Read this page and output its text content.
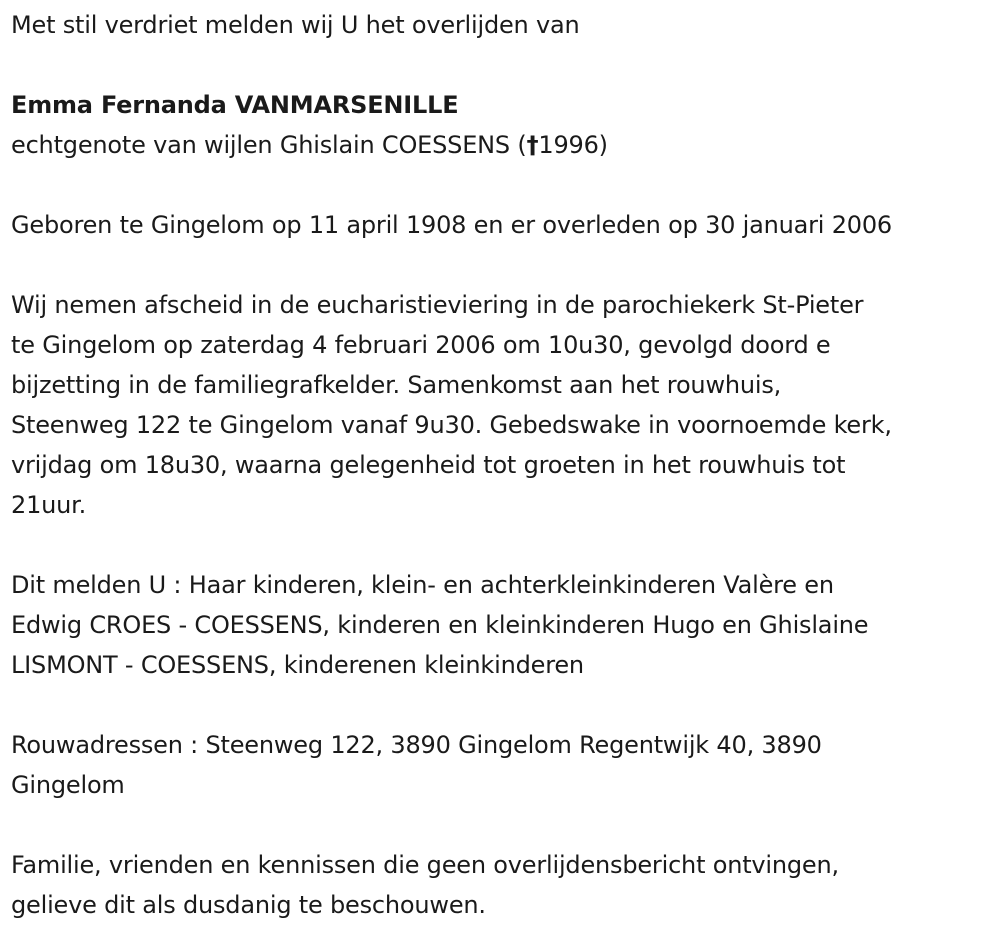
Met stil verdriet melden wij U het overlijden van

Emma Fernanda VANMARSENILLE
echtgenote van wijlen Ghislain COESSENS (†1996)

Geboren te Gingelom op 11 april 1908 en er overleden op 30 januari 2006

Wij nemen afscheid in de eucharistieviering in de parochiekerk St-Pieter
te Gingelom op zaterdag 4 februari 2006 om 10u30, gevolgd doord e
bijzetting in de familiegrafkelder. Samenkomst aan het rouwhuis,
Steenweg 122 te Gingelom vanaf 9u30. Gebedswake in voornoemde kerk,
vrijdag om 18u30, waarna gelegenheid tot groeten in het rouwhuis tot
21uur.

Dit melden U : Haar kinderen, klein- en achterkleinkinderen Valère en
Edwig CROES - COESSENS, kinderen en kleinkinderen Hugo en Ghislaine
LISMONT - COESSENS, kinderenen kleinkinderen

Rouwadressen : Steenweg 122, 3890 Gingelom Regentwijk 40, 3890
Gingelom

Familie, vrienden en kennissen die geen overlijdensbericht ontvingen,
gelieve dit als dusdanig te beschouwen.
